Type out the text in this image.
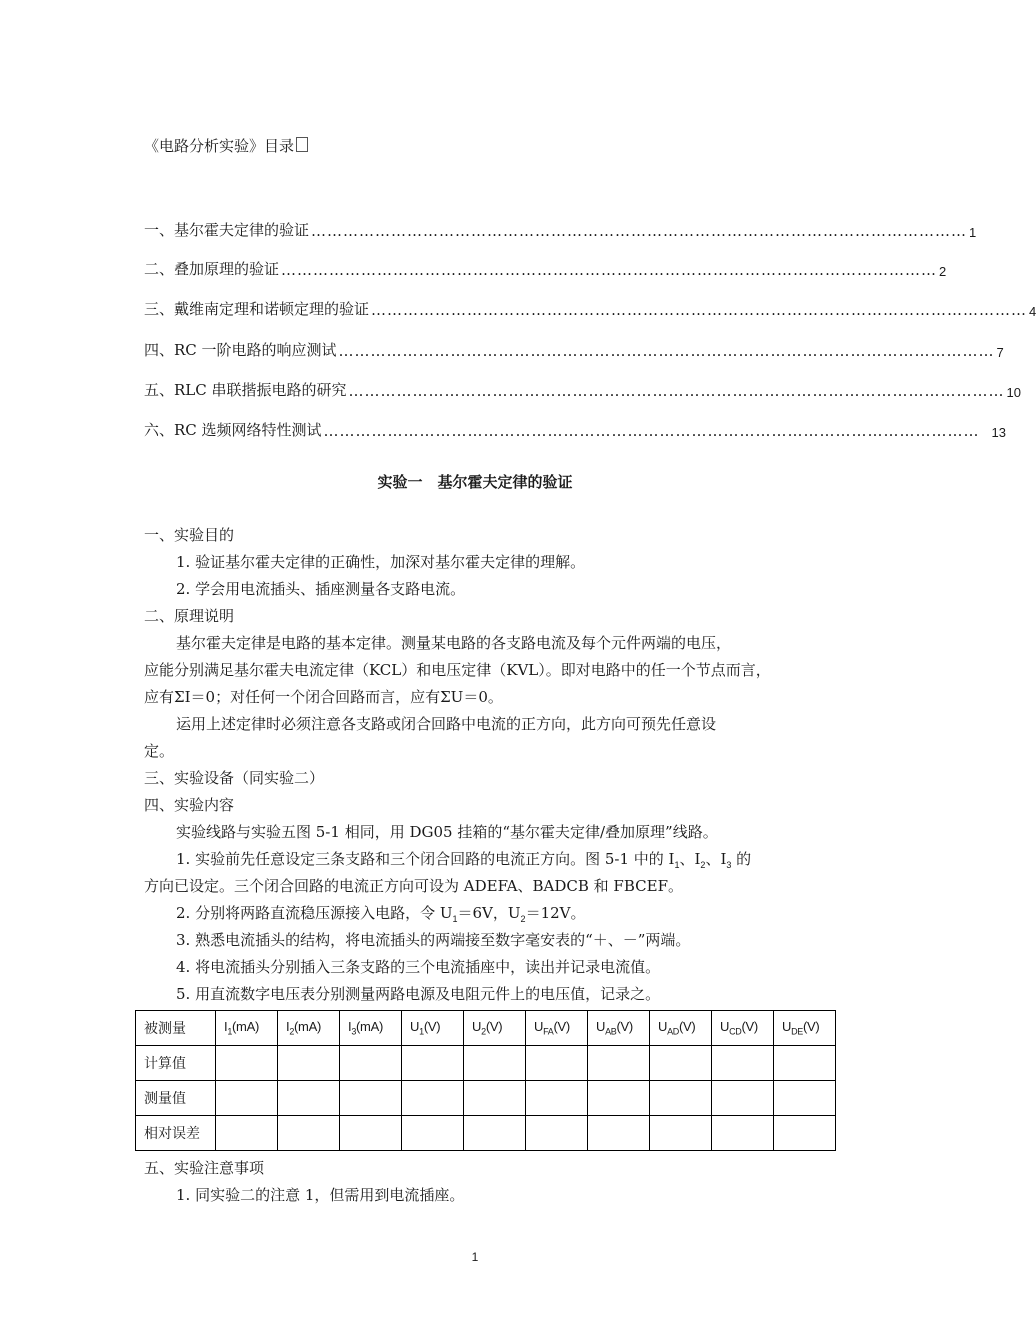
《电路分析实验》目录
一、基尔霍夫定律的验证 …………………………………………………………………………………………………………… 1
二、叠加原理的验证 …………………………………………………………………………………………………………… 2
三、戴维南定理和诺顿定理的验证 …………………………………………………………………………………………………………… 4
四、RC 一阶电路的响应测试 …………………………………………………………………………………………………………… 7
五、RLC 串联揩振电路的研究 …………………………………………………………………………………………………………… 10
六、RC 选频网络特性测试 …………………………………………………………………………………………………………… 13
实验一　基尔霍夫定律的验证
一、实验目的
1. 验证基尔霍夫定律的正确性，加深对基尔霍夫定律的理解。
2. 学会用电流插头、插座测量各支路电流。
二、原理说明
基尔霍夫定律是电路的基本定律。测量某电路的各支路电流及每个元件两端的电压，
应能分别满足基尔霍夫电流定律（KCL）和电压定律（KVL）。即对电路中的任一个节点而言，
应有ΣI＝0；对任何一个闭合回路而言，应有ΣU＝0。
运用上述定律时必须注意各支路或闭合回路中电流的正方向，此方向可预先任意设
定。
三、实验设备（同实验二）
四、实验内容
实验线路与实验五图 5-1 相同，用 DG05 挂箱的“基尔霍夫定律/叠加原理”线路。
1. 实验前先任意设定三条支路和三个闭合回路的电流正方向。图 5-1 中的 $I_1$、$I_2$、$I_3$ 的
方向已设定。三个闭合回路的电流正方向可设为 ADEFA、BADCB 和 FBCEF。
2. 分别将两路直流稳压源接入电路，令 $U_1=6V$，$U_2=12V$。
3. 熟悉电流插头的结构，将电流插头的两端接至数字毫安表的“＋、－”两端。
4. 将电流插头分别插入三条支路的三个电流插座中，读出并记录电流值。
5. 用直流数字电压表分别测量两路电源及电阻元件上的电压值，记录之。
被测量	$I_1(mA)$	$I_2(mA)$	$I_3(mA)$	$U_1(V)$	$U_2(V)$	$U_{FA}(V)$	$U_{AB}(V)$	$U_{AD}(V)$	$U_{CD}(V)$	$U_{DE}(V)$
计算值										
测量值										
相对误差										
五、实验注意事项
1. 同实验二的注意 1，但需用到电流插座。
1
